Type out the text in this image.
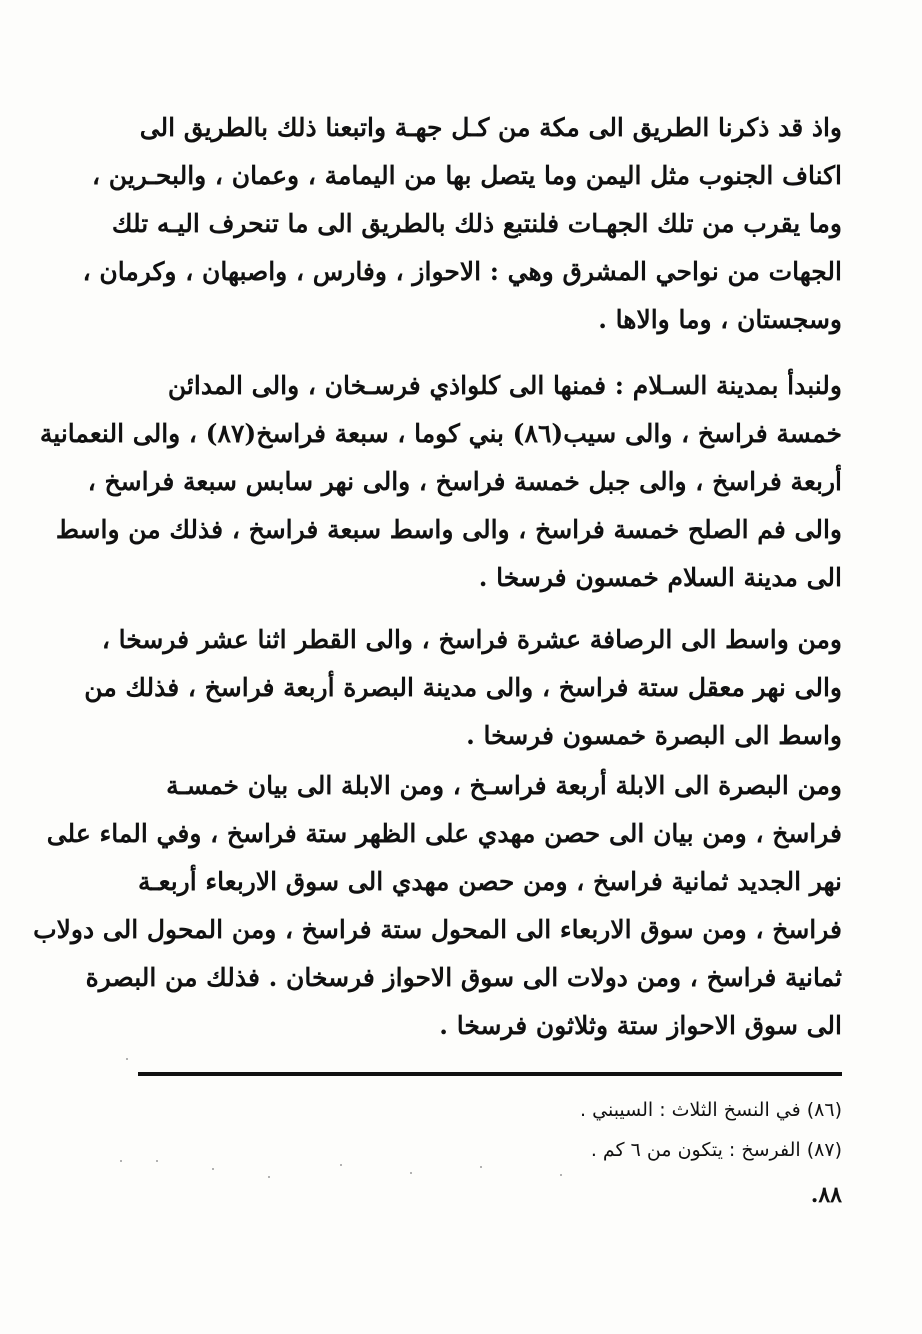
واذ قد ذكرنا الطريق الى مكة من كـل جهـة واتبعنا ذلك بالطريق الى
اكناف الجنوب مثل اليمن وما يتصل بها من اليمامة ، وعمان ، والبحـرين ،
وما يقرب من تلك الجهـات فلنتبع ذلك بالطريق الى ما تنحرف اليـه تلك
الجهات من نواحي المشرق وهي : الاحواز ، وفارس ، واصبهان ، وكرمان ،
وسجستان ، وما والاها .
ولنبدأ بمدينة السـلام : فمنها الى كلواذي فرسـخان ، والى المدائن
خمسة فراسخ ، والى سيب(٨٦) بني كوما ، سبعة فراسخ(٨٧) ، والى النعمانية
أربعة فراسخ ، والى جبل خمسة فراسخ ، والى نهر سابس سبعة فراسخ ،
والى فم الصلح خمسة فراسخ ، والى واسط سبعة فراسخ ، فذلك من واسط
الى مدينة السلام خمسون فرسخا .
ومن واسط الى الرصافة عشرة فراسخ ، والى القطر اثنا عشر فرسخا ،
والى نهر معقل ستة فراسخ ، والى مدينة البصرة أربعة فراسخ ، فذلك من
واسط الى البصرة خمسون فرسخا .
ومن البصرة الى الابلة أربعة فراسـخ ، ومن الابلة الى بيان خمسـة
فراسخ ، ومن بيان الى حصن مهدي على الظهر ستة فراسخ ، وفي الماء على
نهر الجديد ثمانية فراسخ ، ومن حصن مهدي الى سوق الاربعاء أربعـة
فراسخ ، ومن سوق الاربعاء الى المحول ستة فراسخ ، ومن المحول الى دولاب
ثمانية فراسخ ، ومن دولات الى سوق الاحواز فرسخان . فذلك من البصرة
الى سوق الاحواز ستة وثلاثون فرسخا .
(٨٦) في النسخ الثلاث : السيبني .
(٨٧) الفرسخ : يتكون من ٦ كم .
٨٨.
